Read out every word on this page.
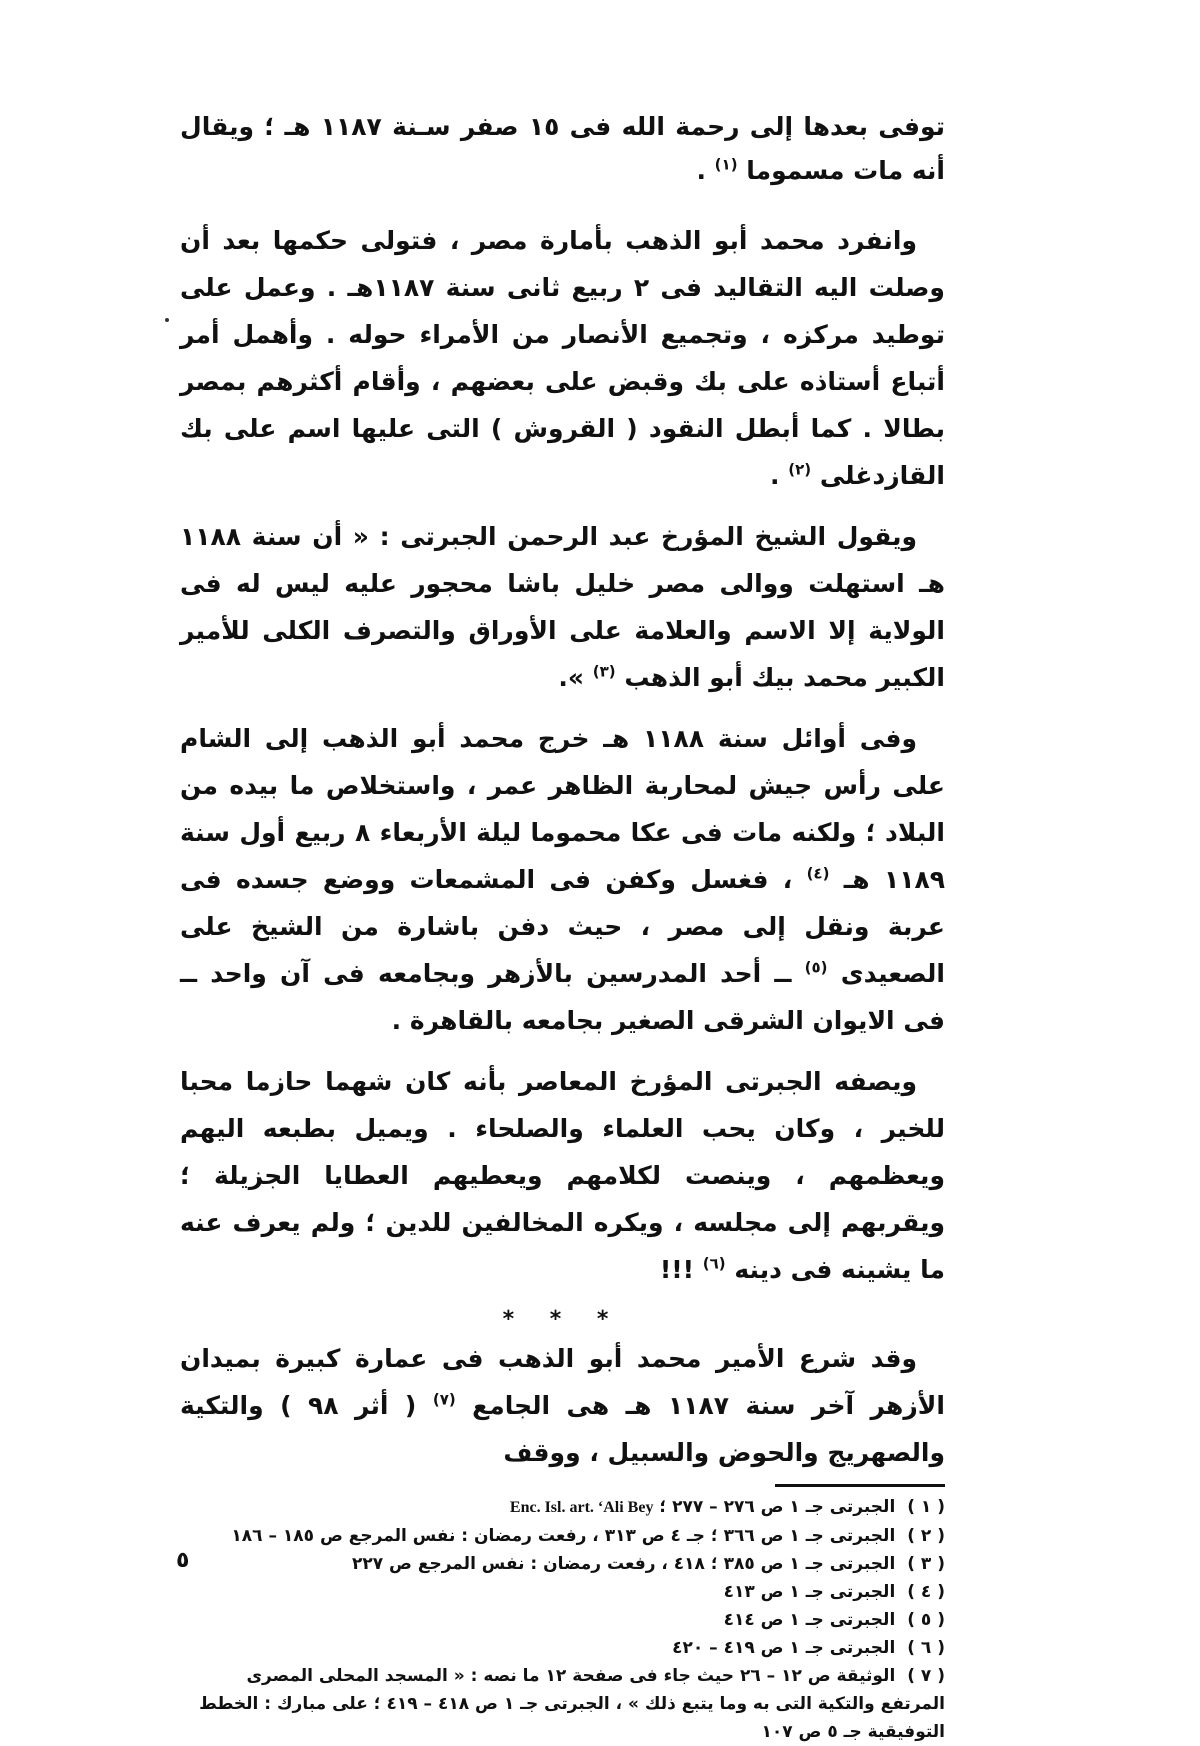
توفى بعدها إلى رحمة الله فى ١٥ صفر سـنة ١١٨٧ هـ ؛ ويقال أنه مات مسموما $^{(١)}$ .

وانفرد محمد أبو الذهب بأمارة مصر ، فتولى حكمها بعد أن وصلت اليه التقاليد فى ٢ ربيع ثانى سنة ١١٨٧هـ . وعمل على توطيد مركزه ، وتجميع الأنصار من الأمراء حوله . وأهمل أمر أتباع أستاذه على بك وقبض على بعضهم ، وأقام أكثرهم بمصر بطالا . كما أبطل النقود ( القروش ) التى عليها اسم على بك القازدغلى $^{(٢)}$ .

ويقول الشيخ المؤرخ عبد الرحمن الجبرتى : « أن سنة ١١٨٨ هـ استهلت ووالى مصر خليل باشا محجور عليه ليس له فى الولاية إلا الاسم والعلامة على الأوراق والتصرف الكلى للأمير الكبير محمد بيك أبو الذهب $^{(٣)}$ ».

وفى أوائل سنة ١١٨٨ هـ خرج محمد أبو الذهب إلى الشام على رأس جيش لمحاربة الظاهر عمر ، واستخلاص ما بيده من البلاد ؛ ولكنه مات فى عكا محموما ليلة الأربعاء ٨ ربيع أول سنة ١١٨٩ هـ $^{(٤)}$ ، فغسل وكفن فى المشمعات ووضع جسده فى عربة ونقل إلى مصر ، حيث دفن باشارة من الشيخ على الصعيدى $^{(٥)}$ ــ أحد المدرسين بالأزهر وبجامعه فى آن واحد ــ فى الايوان الشرقى الصغير بجامعه بالقاهرة .

ويصفه الجبرتى المؤرخ المعاصر بأنه كان شهما حازما محبا للخير ، وكان يحب العلماء والصلحاء . ويميل بطبعه اليهم ويعظمهم ، وينصت لكلامهم ويعطيهم العطايا الجزيلة ؛ ويقربهم إلى مجلسه ، ويكره المخالفين للدين ؛ ولم يعرف عنه ما يشينه فى دينه $^{(٦)}$ !!!

* * *

وقد شرع الأمير محمد أبو الذهب فى عمارة كبيرة بميدان الأزهر آخر سنة ١١٨٧ هـ هى الجامع $^{(٧)}$ ( أثر ٩٨ ) والتكية والصهريج والحوض والسبيل ، ووقف

( ١ ) الجبرتى جـ ١ ص ٢٧٦ – ٢٧٧ ؛ Enc. Isl. art. ‘Ali Bey

( ٢ ) الجبرتى جـ ١ ص ٣٦٦ ؛ جـ ٤ ص ٣١٣ ، رفعت رمضان : نفس المرجع ص ١٨٥ – ١٨٦

( ٣ ) الجبرتى جـ ١ ص ٣٨٥ ؛ ٤١٨ ، رفعت رمضان : نفس المرجع ص ٢٢٧

( ٤ ) الجبرتى جـ ١ ص ٤١٣

( ٥ ) الجبرتى جـ ١ ص ٤١٤

( ٦ ) الجبرتى جـ ١ ص ٤١٩ – ٤٢٠

( ٧ ) الوثيقة ص ١٢ – ٢٦ حيث جاء فى صفحة ١٢ ما نصه : « المسجد المحلى المصرى المرتفع والتكية التى به وما يتبع ذلك » ، الجبرتى جـ ١ ص ٤١٨ – ٤١٩ ؛ على مبارك : الخطط التوفيقية جـ ٥ ص ١٠٧

٥
